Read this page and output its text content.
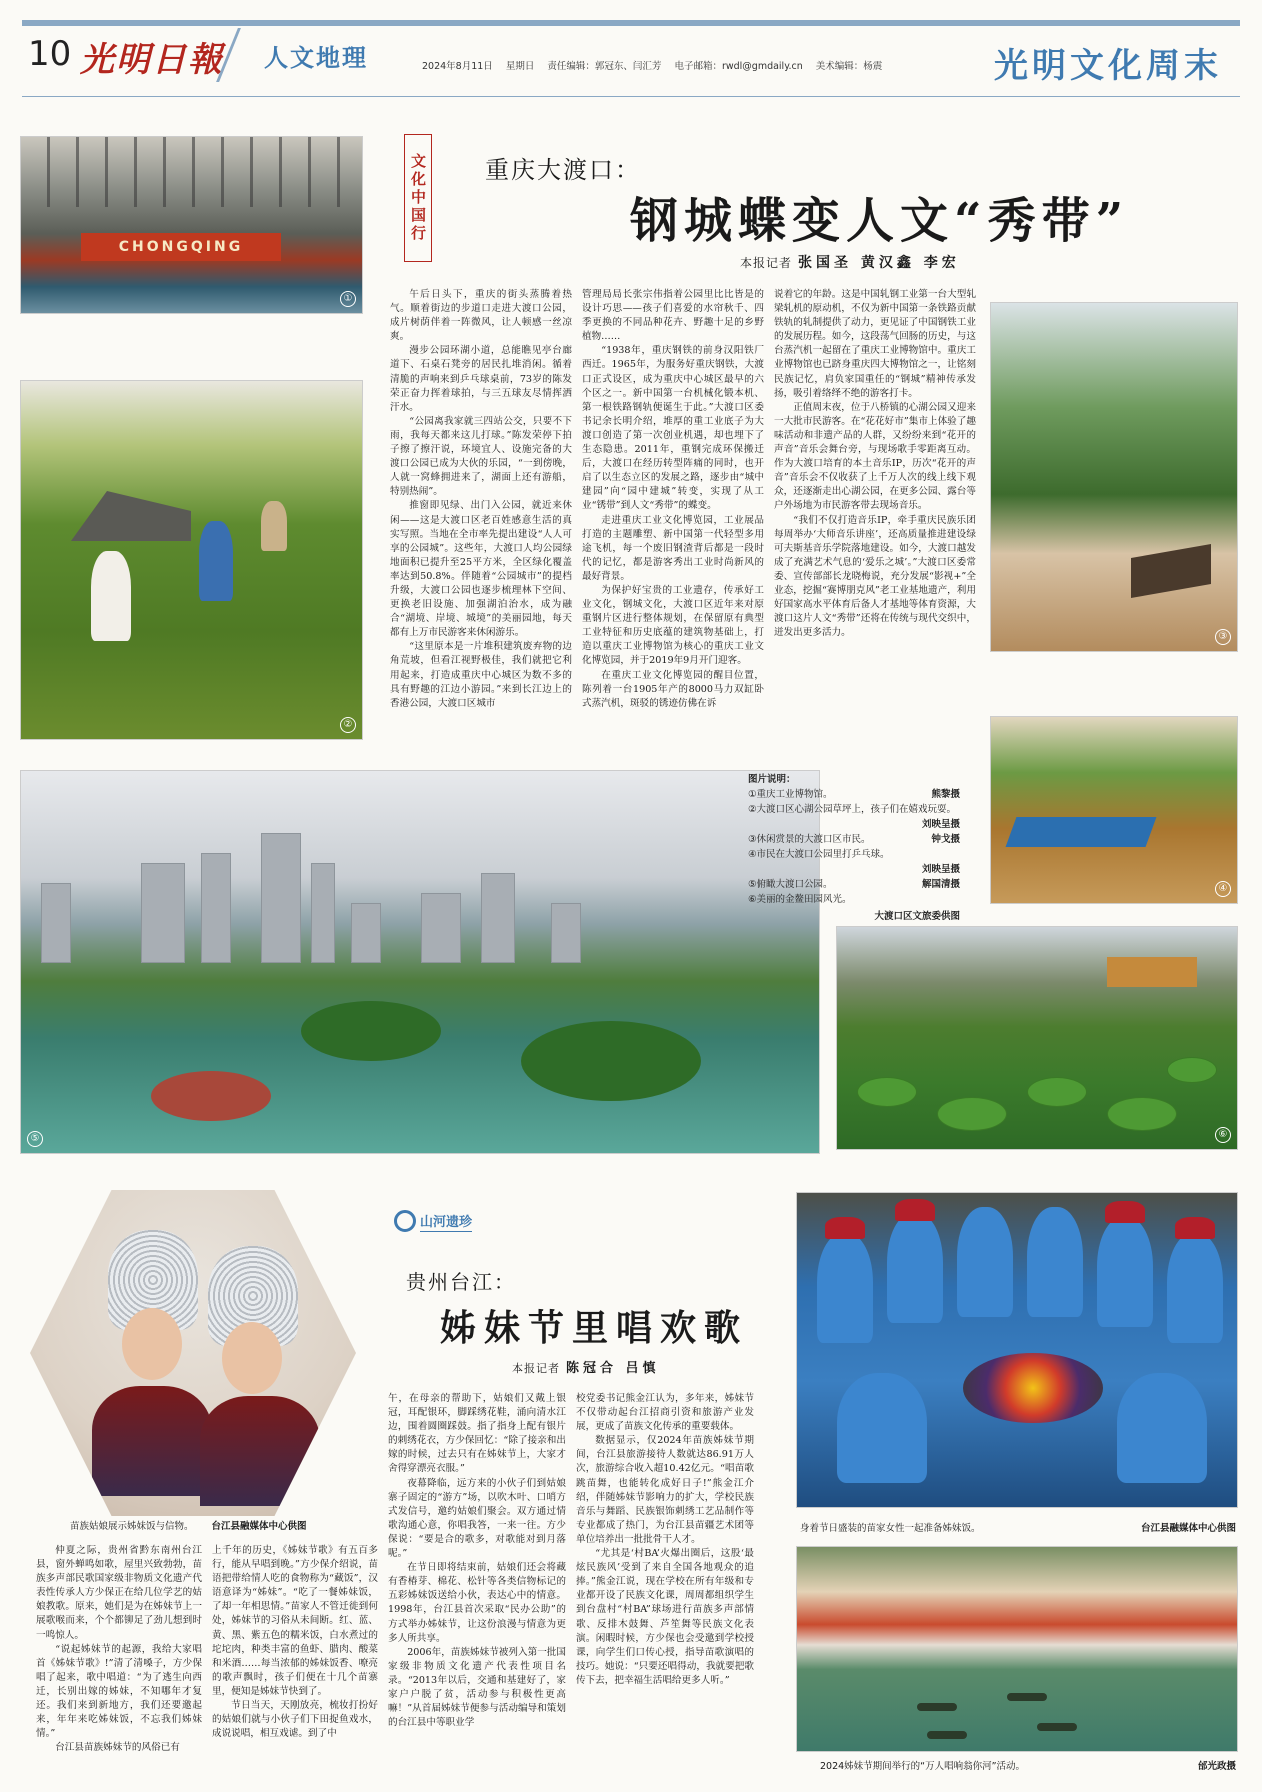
10 光明日報 人文地理	2024年8月11日 星期日 责任编辑：郭冠东、闫汇芳 电子邮箱：rwdl@gmdaily.cn 美术编辑：杨震	光明文化周末
CHONGQING
①
②
③
④
⑤	⑥
图片说明：
①重庆工业博物馆。	熊黎摄
②大渡口区心湖公园草坪上，孩子们在嬉戏玩耍。
刘映呈摄
③休闲赏景的大渡口区市民。	钟戈摄
④市民在大渡口公园里打乒乓球。
刘映呈摄
⑤俯瞰大渡口公园。	解国清摄
⑥美丽的金鳌田园风光。
大渡口区文旅委供图
文化中国行 重庆大渡口：
钢城蝶变人文“秀带”
本报记者 张国圣 黄汉鑫 李宏

午后日头下，重庆的街头蒸腾着热气。顺着街边的步道口走进大渡口公园，成片树荫伴着一阵微风，让人顿感一丝凉爽。

漫步公园环湖小道，总能瞧见亭台廊道下、石桌石凳旁的居民扎堆消闲。循着清脆的声响来到乒乓球桌前，73岁的陈发荣正奋力挥着球拍，与三五球友尽情挥洒汗水。

“公园离我家就三四站公交，只要不下雨，我每天都来这儿打球。”陈发荣停下拍子擦了擦汗说，环境宜人、设施完备的大渡口公园已成为大伙的乐园，“一到傍晚，人就一窝蜂拥进来了，湖面上还有游船，特别热闹”。

推窗即见绿、出门入公园，就近来休闲——这是大渡口区老百姓感意生活的真实写照。当地在全市率先提出建设“人人可享的公园城”。这些年，大渡口人均公园绿地面积已提升至25平方米，全区绿化覆盖率达到50.8%。伴随着“公园城市”的提档升级，大渡口公园也逐步梳理林下空间、更换老旧设施、加强湖泊治水，成为融合“湖境、岸境、城境”的美丽园地，每天都有上万市民游客来休闲游乐。

“这里原本是一片堆积建筑废弃物的边角荒坡，但看江视野极佳，我们就把它利用起来，打造成重庆中心城区为数不多的具有野趣的江边小游园。”来到长江边上的香港公园，大渡口区城市

管理局局长张宗伟指着公园里比比皆是的设计巧思——孩子们喜爱的水帘秋千、四季更换的不同品种花卉、野趣十足的乡野植物……

“1938年，重庆钢铁的前身汉阳铁厂西迁。1965年，为服务好重庆钢铁，大渡口正式设区，成为重庆中心城区最早的六个区之一。新中国第一台机械化锻本机、第一根铁路钢轨便诞生于此。”大渡口区委书记余长明介绍，堆厚的重工业底子为大渡口创造了第一次创业机遇，却也埋下了生态隐患。2011年，重钢完成环保搬迁后，大渡口在经历转型阵痛的同时，也开启了以生态立区的发展之路，逐步由“城中建园”向“园中建城”转变，实现了从工业“锈带”到人文“秀带”的蝶变。

走进重庆工业文化博览园，工业展品打造的主题雕塑、新中国第一代轻型多用途飞机，每一个废旧钢渣背后都是一段时代的记忆，都是游客秀出工业时尚新风的最好背景。

为保护好宝贵的工业遗存，传承好工业文化，钢城文化，大渡口区近年来对原重钢片区进行整体规划，在保留原有典型工业特征和历史底蕴的建筑物基础上，打造以重庆工业博物馆为核心的重庆工业文化博览园，并于2019年9月开门迎客。

在重庆工业文化博览园的醒目位置，陈列着一台1905年产的8000马力双缸卧式蒸汽机，斑驳的锈迹仿佛在诉

说着它的年龄。这是中国轧钢工业第一台大型轧梁轧机的原动机，不仅为新中国第一条铁路贡献铁轨的轧制提供了动力，更见证了中国钢铁工业的发展历程。如今，这段荡气回肠的历史，与这台蒸汽机一起留在了重庆工业博物馆中。重庆工业博物馆也已跻身重庆四大博物馆之一，让铭刻民族记忆，肩负家国重任的“钢城”精神传承发扬，吸引着络绎不绝的游客打卡。

正值周末夜，位于八桥镇的心湖公园又迎来一大批市民游客。在“花花好市”集市上体验了趣味活动和非遗产品的人群，又纷纷来到“花开的声音”音乐会舞台旁，与现场歌手零距离互动。作为大渡口培育的本土音乐IP，历次“花开的声音”音乐会不仅收获了上千万人次的线上线下观众，还逐渐走出心湖公园，在更多公园、露台等户外场地为市民游客带去现场音乐。

“我们不仅打造音乐IP，牵手重庆民族乐团每周举办‘大师音乐讲座’，还高质量推进建设绿可夫斯基音乐学院落地建设。如今，大渡口越发成了充满艺术气息的‘爱乐之城’。”大渡口区委常委、宣传部部长龙晓梅说，充分发展“影视+”全业态，挖掘“赛博朋克风”老工业基地遗产，利用好国家高水平体育后备人才基地等体育资源，大渡口这片人文“秀带”还将在传统与现代交织中，迸发出更多活力。

苗族姑娘展示姊妹饭与信物。 台江县融媒体中心供图
山河遗珍
贵州台江：
姊妹节里唱欢歌
本报记者 陈冠合 吕慎

仲夏之际，贵州省黔东南州台江县，窗外蝉鸣如歌，屋里兴致勃勃，苗族多声部民歌国家级非物质文化遗产代表性传承人方少保正在给几位学艺的姑娘教歌。原来，她们是为在姊妹节上一展歌喉而来，个个都铆足了劲儿想到时一鸣惊人。

“说起姊妹节的起源，我给大家唱首《姊妹节歌》!”清了清嗓子，方少保唱了起来，歌中唱道：“为了逃生向西迁，长别出嫁的姊妹，不知哪年才复还。我们来到新地方，我们还要邀起来，年年来吃姊妹饭，不忘我们姊妹情。”

台江县苗族姊妹节的风俗已有

上千年的历史，《姊妹节歌》有五百多行，能从早唱到晚。”方少保介绍说，苗语把带给情人吃的食物称为“藏饭”，汉语意译为“姊妹”。“吃了一餐姊妹饭，了却一年相思情。”苗家人不管迁徙到何处，姊妹节的习俗从未间断。红、蓝、黄、黑、紫五色的糯米饭，白水煮过的坨坨肉，种类丰富的鱼虾、腊肉、酸菜和米酒……每当浓郁的姊妹饭香、嘹亮的歌声飘时，孩子们便在十几个苗寨里，便知是姊妹节快到了。

节日当天，天刚放亮，梳妆打扮好的姑娘们就与小伙子们下田捉鱼戏水，成说说唱，相互戏谑。到了中

午，在母亲的帮助下，姑娘们又戴上银冠，耳配银环，脚踩绣花鞋，涌向清水江边，围着圆圈踩鼓。指了指身上配有银片的刺绣花衣，方少保回忆：“除了接亲和出嫁的时候，过去只有在姊妹节上，大家才舍得穿漂亮衣服。”

夜幕降临，远方来的小伙子们到姑娘寨子固定的“游方”场，以吹木叶、口哨方式发信号，邀约姑娘们聚会。双方通过情歌沟通心意，你唱我答，一来一往。方少保说：“要是合的歌多，对歌能对到月落呢。”

在节日即将结束前，姑娘们还会将藏有香椿芽、棉花、松针等各类信物标记的五彩姊妹饭送给小伙，表达心中的情意。1998年，台江县首次采取“民办公助”的方式举办姊妹节，让这份浪漫与情意为更多人所共享。

2006年，苗族姊妹节被列入第一批国家级非物质文化遗产代表性项目名录。“2013年以后，交通和基建好了，家家户户脱了贫，活动参与积极性更高嘛！”从首届姊妹节便参与活动编导和策划的台江县中等职业学

校党委书记熊金江认为，多年来，姊妹节不仅带动起台江招商引资和旅游产业发展，更成了苗族文化传承的重要载体。

数据显示，仅2024年苗族姊妹节期间，台江县旅游接待人数就达86.91万人次，旅游综合收入超10.42亿元。“唱苗歌跳苗舞，也能转化成好日子!”熊金江介绍，伴随姊妹节影响力的扩大，学校民族音乐与舞蹈、民族银饰刺绣工艺品制作等专业都成了热门，为台江县苗疆艺术团等单位培养出一批批骨干人才。

“尤其是‘村BA’火爆出圈后，这股‘最炫民族风’受到了来自全国各地观众的追捧。”熊金江说，现在学校在所有年级和专业都开设了民族文化课，周周都组织学生到台盘村“村BA”球场进行苗族多声部情歌、反排木鼓舞、芦笙舞等民族文化表演。闲暇时候，方少保也会受邀到学校授课，向学生们口传心授，指导苗歌演唱的技巧。她说：“只要还唱得动，我就要把歌传下去，把幸福生活唱给更多人听。”

身着节日盛装的苗家女性一起准备姊妹饭。	台江县融媒体中心供图
2024姊妹节期间举行的“万人唱响翁你河”活动。	邰光政摄
